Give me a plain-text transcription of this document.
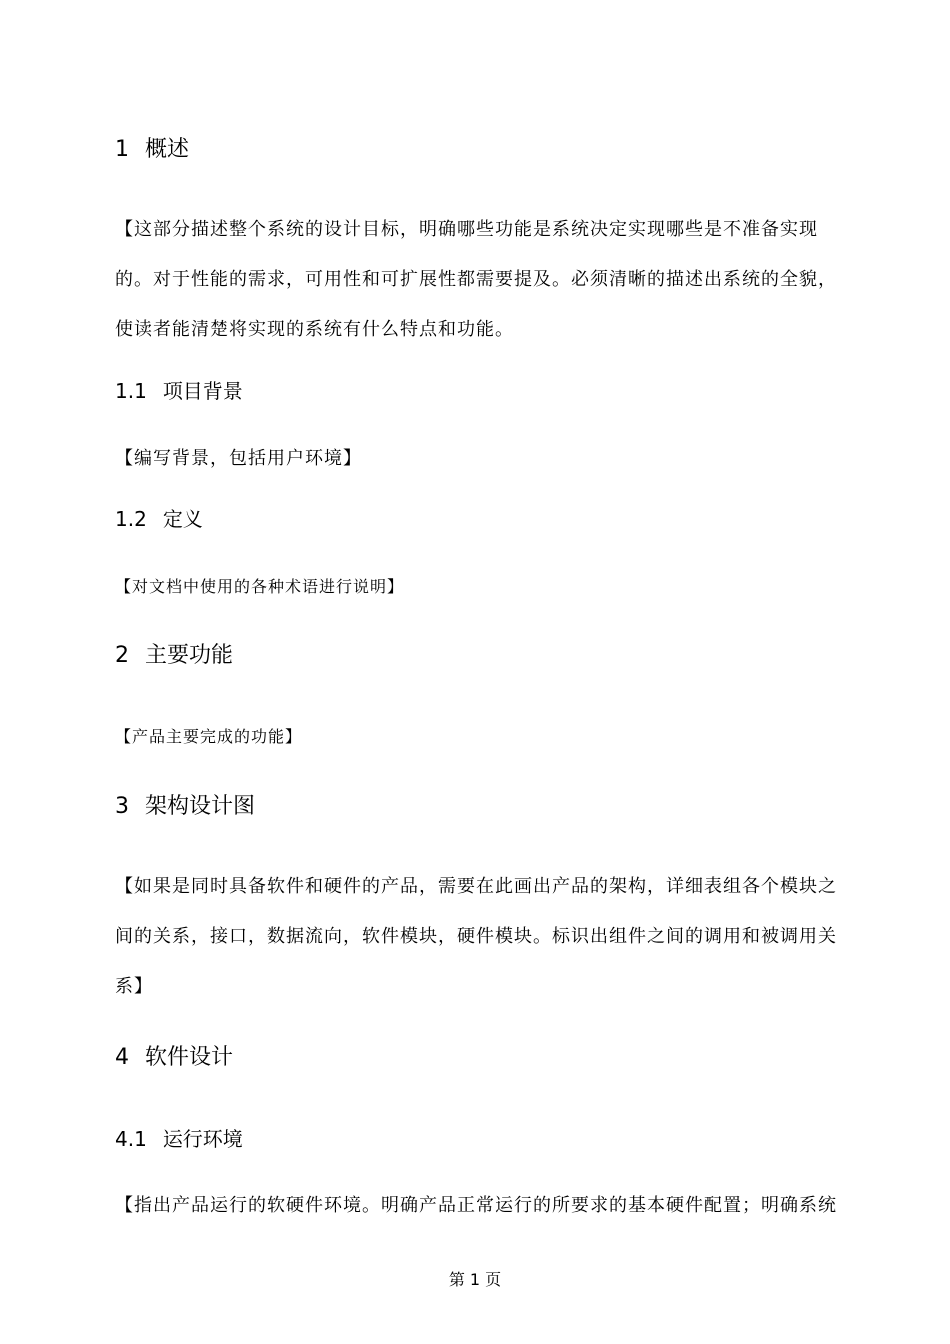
1 概述

【这部分描述整个系统的设计目标，明确哪些功能是系统决定实现哪些是不准备实现
的。对于性能的需求，可用性和可扩展性都需要提及。必须清晰的描述出系统的全貌，
使读者能清楚将实现的系统有什么特点和功能。

1.1 项目背景

【编写背景，包括用户环境】

1.2 定义

【对文档中使用的各种术语进行说明】

2 主要功能

【产品主要完成的功能】

3 架构设计图

【如果是同时具备软件和硬件的产品，需要在此画出产品的架构，详细表组各个模块之
间的关系，接口，数据流向，软件模块，硬件模块。标识出组件之间的调用和被调用关
系】

4 软件设计
4.1 运行环境

【指出产品运行的软硬件环境。明确产品正常运行的所要求的基本硬件配置；明确系统

第 1 页
